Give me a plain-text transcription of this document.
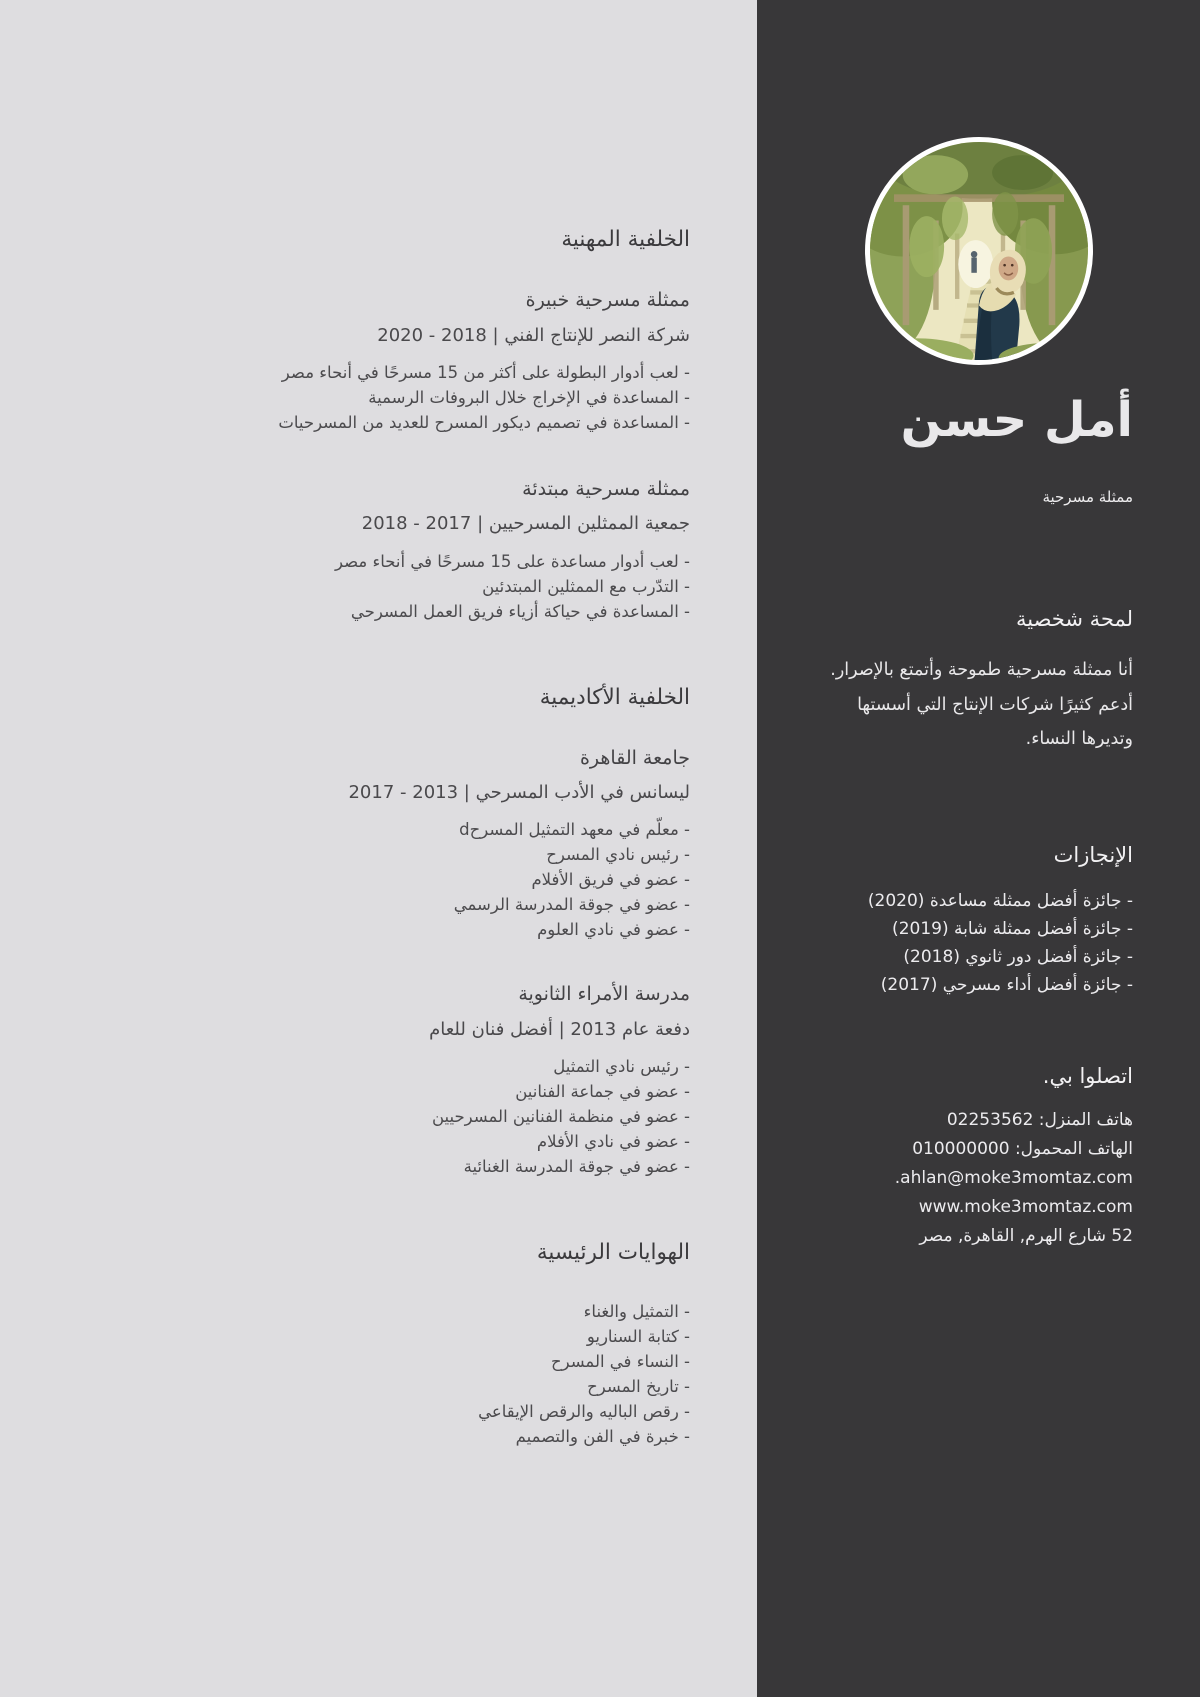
الخلفية المهنية
ممثلة مسرحية خبيرة
شركة النصر للإنتاج الفني | 2018 - 2020
- لعب أدوار البطولة على أكثر من 15 مسرحًا في أنحاء مصر
- المساعدة في الإخراج خلال البروفات الرسمية
- المساعدة في تصميم ديكور المسرح للعديد من المسرحيات
ممثلة مسرحية مبتدئة
جمعية الممثلين المسرحيين | 2017 - 2018
- لعب أدوار مساعدة على 15 مسرحًا في أنحاء مصر
- التدّرب مع الممثلين المبتدئين
- المساعدة في حياكة أزياء فريق العمل المسرحي
الخلفية الأكاديمية
جامعة القاهرة
ليسانس في الأدب المسرحي | 2013 - 2017
- معلّم في معهد التمثيل المسرحd
- رئيس نادي المسرح
- عضو في فريق الأفلام
- عضو في جوقة المدرسة الرسمي
- عضو في نادي العلوم
مدرسة الأمراء الثانوية
دفعة عام 2013 | أفضل فنان للعام
- رئيس نادي التمثيل
- عضو في جماعة الفنانين
- عضو في منظمة الفنانين المسرحيين
- عضو في نادي الأفلام
- عضو في جوقة المدرسة الغنائية
الهوايات الرئيسية
- التمثيل والغناء
- كتابة السناريو
- النساء في المسرح
- تاريخ المسرح
- رقص الباليه والرقص الإيقاعي
- خبرة في الفن والتصميم
أمل حسن
ممثلة مسرحية
لمحة شخصية

أنا ممثلة مسرحية طموحة وأتمتع بالإصرار. أدعم كثيرًا شركات الإنتاج التي أسستها وتديرها النساء.

الإنجازات
- جائزة أفضل ممثلة مساعدة (2020)
- جائزة أفضل ممثلة شابة (2019)
- جائزة أفضل دور ثانوي (2018)
- جائزة أفضل أداء مسرحي (2017)
اتصلوا بي.
هاتف المنزل: 02253562
الهاتف المحمول: 010000000
ahlan@moke3momtaz.com.
www.moke3momtaz.com
52 شارع الهرم, القاهرة, مصر
